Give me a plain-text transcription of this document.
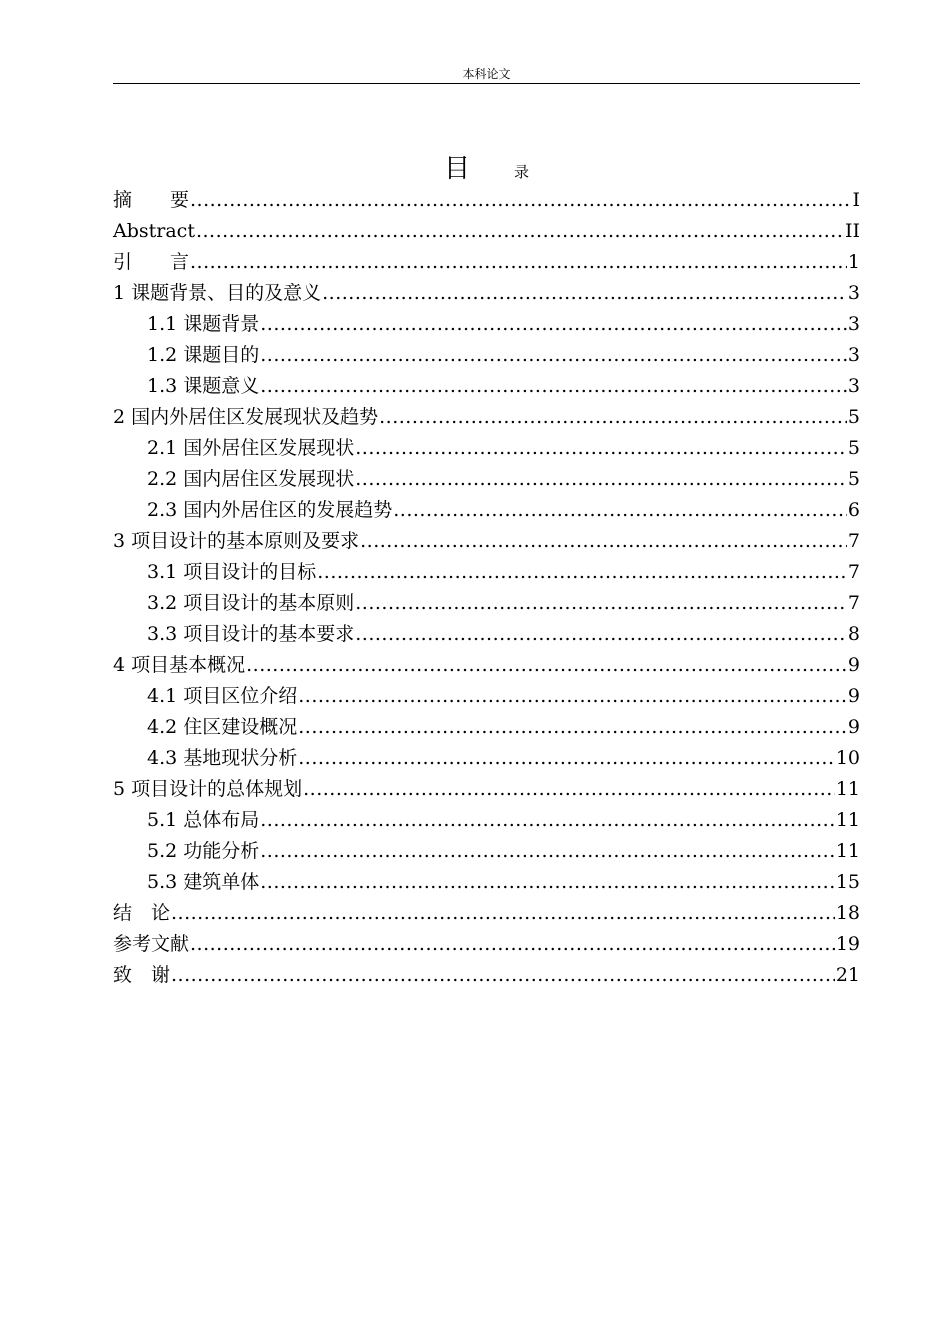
本科论文
目	录
摘　　要 .....	I
Abstract .....	II
引　　言 .....	1
1 课题背景、目的及意义 .....	3
1.1 课题背景 .....	3
1.2 课题目的 .....	3
1.3 课题意义 .....	3
2 国内外居住区发展现状及趋势 .....	5
2.1 国外居住区发展现状 .....	5
2.2 国内居住区发展现状 .....	5
2.3 国内外居住区的发展趋势 .....	6
3 项目设计的基本原则及要求 .....	7
3.1 项目设计的目标 .....	7
3.2 项目设计的基本原则 .....	7
3.3 项目设计的基本要求 .....	8
4 项目基本概况 .....	9
4.1 项目区位介绍 .....	9
4.2 住区建设概况 .....	9
4.3 基地现状分析 .....	10
5 项目设计的总体规划 .....	11
5.1 总体布局 .....	11
5.2 功能分析 .....	11
5.3 建筑单体 .....	15
结　论 .....	18
参考文献 .....	19
致　谢 .....	21
